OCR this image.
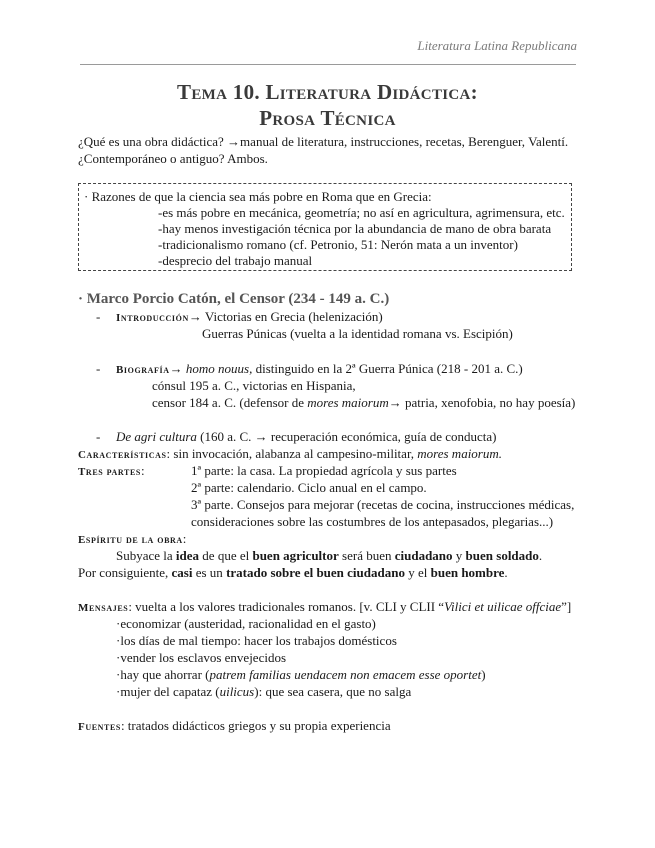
Literatura Latina Republicana
Tema 10. Literatura Didáctica:
Prosa Técnica
¿Qué es una obra didáctica? →manual de literatura, instrucciones, recetas, Berenguer, Valentí.
¿Contemporáneo o antiguo? Ambos.
· Razones de que la ciencia sea más pobre en Roma que en Grecia:
-es más pobre en mecánica, geometría; no así en agricultura, agrimensura, etc.
-hay menos investigación técnica por la abundancia de mano de obra barata
-tradicionalismo romano (cf. Petronio, 51: Nerón mata a un inventor)
-desprecio del trabajo manual
· Marco Porcio Catón, el Censor (234 - 149 a. C.)
- Introducción→ Victorias en Grecia (helenización)
Guerras Púnicas (vuelta a la identidad romana vs. Escipión)
- Biografía→ homo nouus, distinguido en la 2ª Guerra Púnica (218 - 201 a. C.)
cónsul 195 a. C., victorias en Hispania,
censor 184 a. C. (defensor de mores maiorum→ patria, xenofobia, no hay poesía)
- De agri cultura (160 a. C. → recuperación económica, guía de conducta)
Características: sin invocación, alabanza al campesino-militar, mores maiorum.
Tres partes:	1ª parte: la casa. La propiedad agrícola y sus partes
2ª parte: calendario. Ciclo anual en el campo.
3ª parte. Consejos para mejorar (recetas de cocina, instrucciones médicas,
consideraciones sobre las costumbres de los antepasados, plegarias...)
Espíritu de la obra:
Subyace la idea de que el buen agricultor será buen ciudadano y buen soldado.
Por consiguiente, casi es un tratado sobre el buen ciudadano y el buen hombre.
Mensajes: vuelta a los valores tradicionales romanos. [v. CLI y CLII “Vilici et uilicae offciae”]
·economizar (austeridad, racionalidad en el gasto)
·los días de mal tiempo: hacer los trabajos domésticos
·vender los esclavos envejecidos
·hay que ahorrar (patrem familias uendacem non emacem esse oportet)
·mujer del capataz (uilicus): que sea casera, que no salga
Fuentes: tratados didácticos griegos y su propia experiencia
